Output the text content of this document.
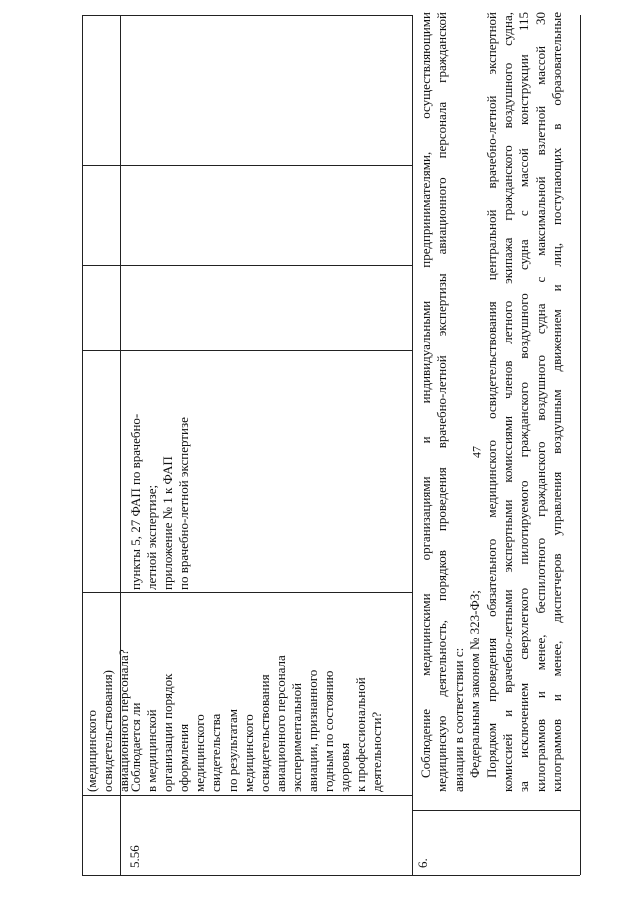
47
(медицинского освидетельствования) авиационного персонала?
5.56
Соблюдается ли в медицинской организации порядок оформления медицинского свидетельства по результатам медицинского освидетельствования авиационного персонала экспериментальной авиации, признанного годным по состоянию здоровья к профессиональной деятельности?
пункты 5, 27 ФАП по врачебно- летной экспертизе; приложение № 1 к ФАП по врачебно-летной экспертизе
6.
Соблюдение медицинскими организациями и индивидуальными предпринимателями, осуществляющими медицинскую деятельность, порядков проведения врачебно-летной экспертизы авиационного персонала гражданской авиации в соответствии с: Федеральным законом № 323-ФЗ; Порядком проведения обязательного медицинского освидетельствования центральной врачебно-летной экспертной комиссией и врачебно-летными экспертными комиссиями членов летного экипажа гражданского воздушного судна, за исключением сверхлегкого пилотируемого гражданского воздушного судна с массой конструкции 115 килограммов и менее, беспилотного гражданского воздушного судна с максимальной взлетной массой 30 килограммов и менее, диспетчеров управления воздушным движением и лиц, поступающих в образовательные
